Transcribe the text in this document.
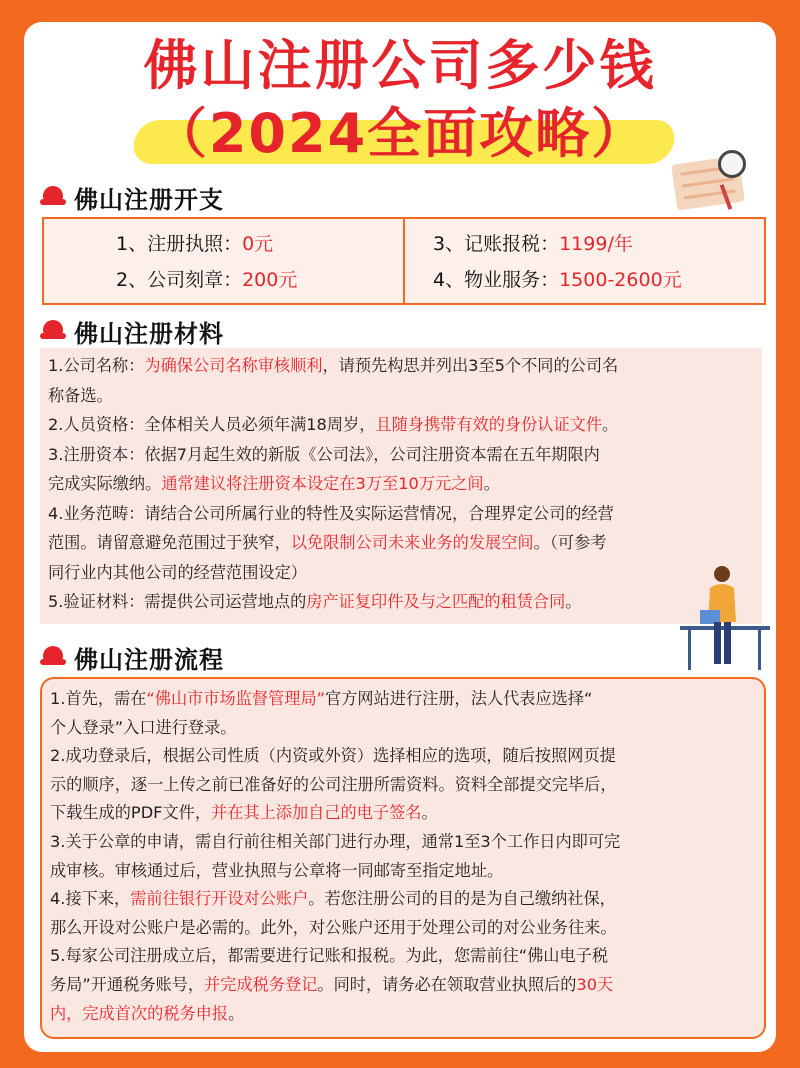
佛山注册公司多少钱
（2024全面攻略）
佛山注册开支
1、注册执照：0元
2、公司刻章：200元
3、记账报税：1199/年
4、物业服务：1500-2600元
佛山注册材料
1.公司名称：为确保公司名称审核顺利，请预先构思并列出3至5个不同的公司名
称备选。
2.人员资格：全体相关人员必须年满18周岁，且随身携带有效的身份认证文件。
3.注册资本：依据7月起生效的新版《公司法》，公司注册资本需在五年期限内
完成实际缴纳。通常建议将注册资本设定在3万至10万元之间。
4.业务范畴：请结合公司所属行业的特性及实际运营情况，合理界定公司的经营
范围。请留意避免范围过于狭窄，以免限制公司未来业务的发展空间。（可参考
同行业内其他公司的经营范围设定）
5.验证材料：需提供公司运营地点的房产证复印件及与之匹配的租赁合同。
佛山注册流程
1.首先，需在“佛山市市场监督管理局”官方网站进行注册，法人代表应选择“
个人登录”入口进行登录。
2.成功登录后，根据公司性质（内资或外资）选择相应的选项，随后按照网页提
示的顺序，逐一上传之前已准备好的公司注册所需资料。资料全部提交完毕后，
下载生成的PDF文件，并在其上添加自己的电子签名。
3.关于公章的申请，需自行前往相关部门进行办理，通常1至3个工作日内即可完
成审核。审核通过后，营业执照与公章将一同邮寄至指定地址。
4.接下来，需前往银行开设对公账户。若您注册公司的目的是为自己缴纳社保，
那么开设对公账户是必需的。此外，对公账户还用于处理公司的对公业务往来。
5.每家公司注册成立后，都需要进行记账和报税。为此，您需前往“佛山电子税
务局”开通税务账号，并完成税务登记。同时，请务必在领取营业执照后的30天
内，完成首次的税务申报。
